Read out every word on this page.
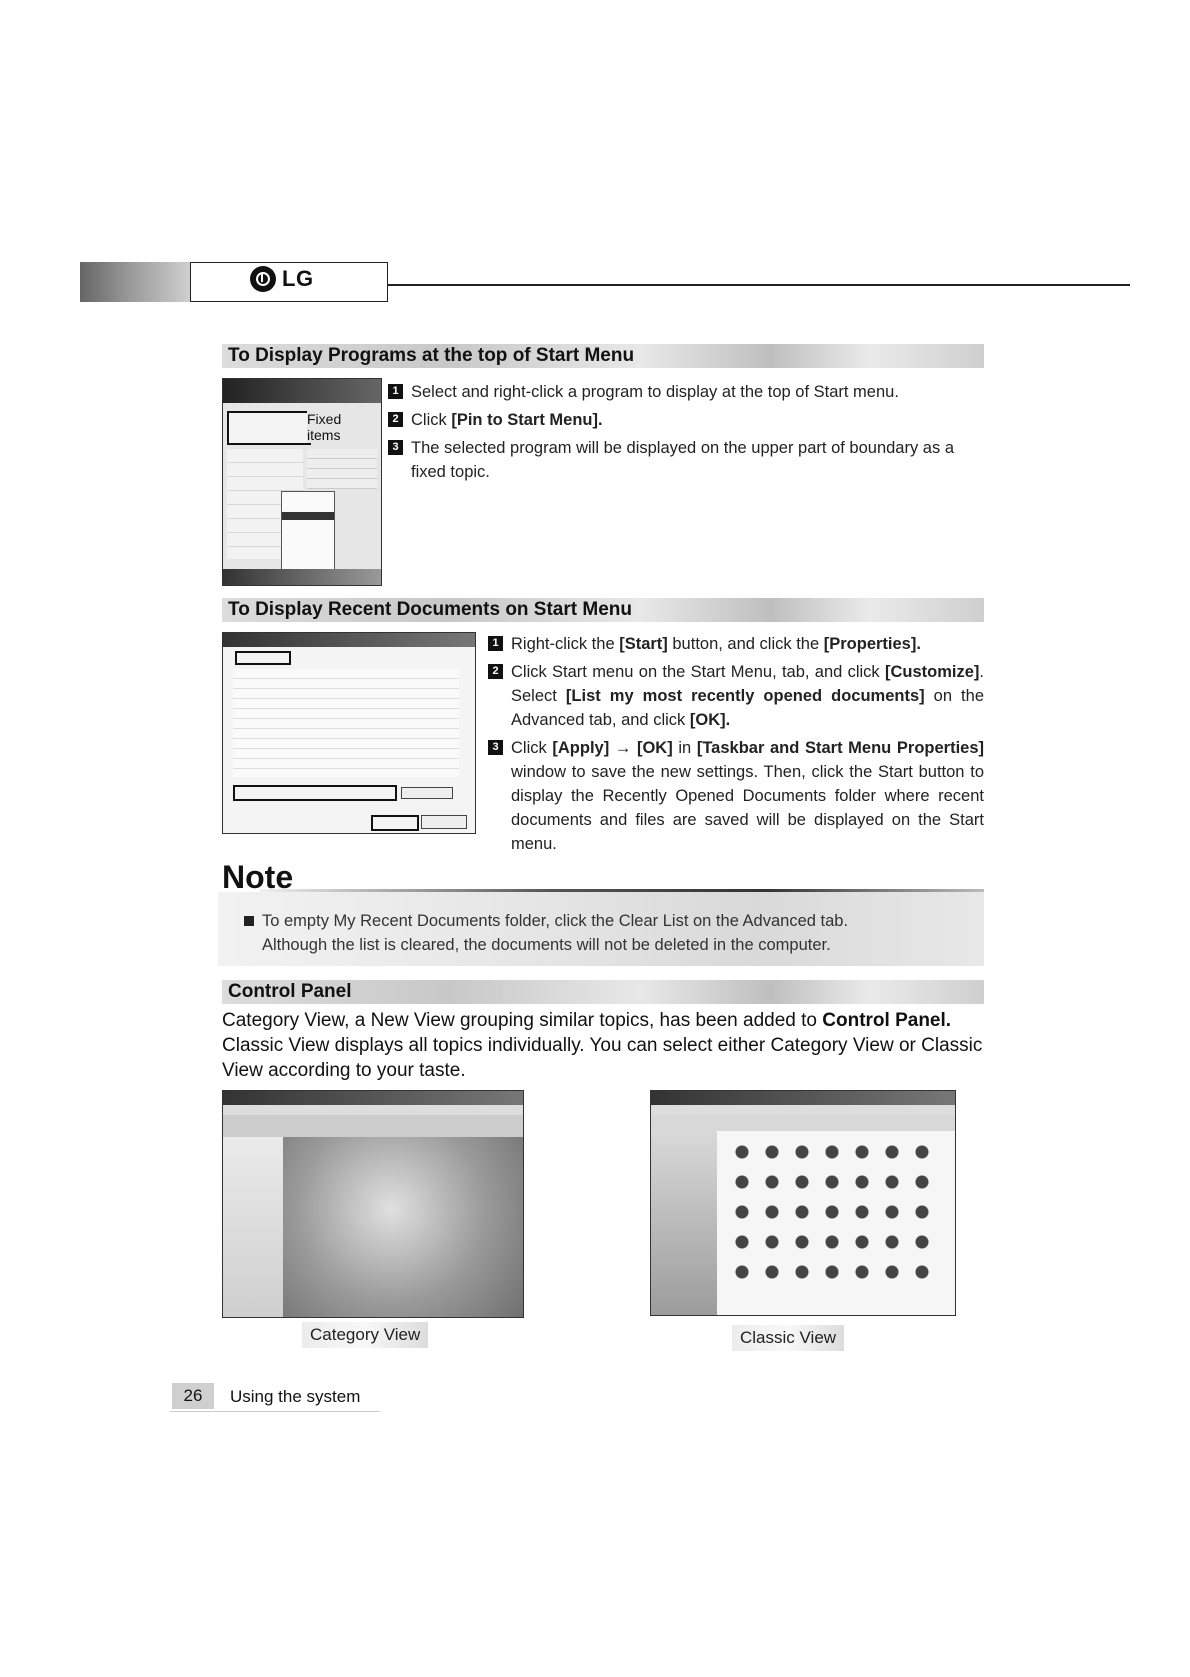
LG
To Display Programs at the top of Start Menu
Fixed
items
1 Select and right-click a program to display at the top of Start menu.
2 Click [Pin to Start Menu].
3 The selected program will be displayed on the upper part of boundary as a fixed topic.
To Display Recent Documents on Start Menu
1 Right-click the [Start] button, and click the [Properties].
2 Click Start menu on the Start Menu, tab, and click [Customize]. Select [List my most recently opened documents] on the Advanced tab, and click [OK].
3 Click [Apply] → [OK] in [Taskbar and Start Menu Properties] window to save the new settings. Then, click the Start button to display the Recently Opened Documents folder where recent documents and files are saved will be displayed on the Start menu.
Note
To empty My Recent Documents folder, click the Clear List on the Advanced tab.
Although the list is cleared, the documents will not be deleted in the computer.
Control Panel
Category View, a New View grouping similar topics, has been added to Control Panel. Classic View displays all topics individually. You can select either Category View or Classic View according to your taste.
Category View	Classic View
26	Using the system
